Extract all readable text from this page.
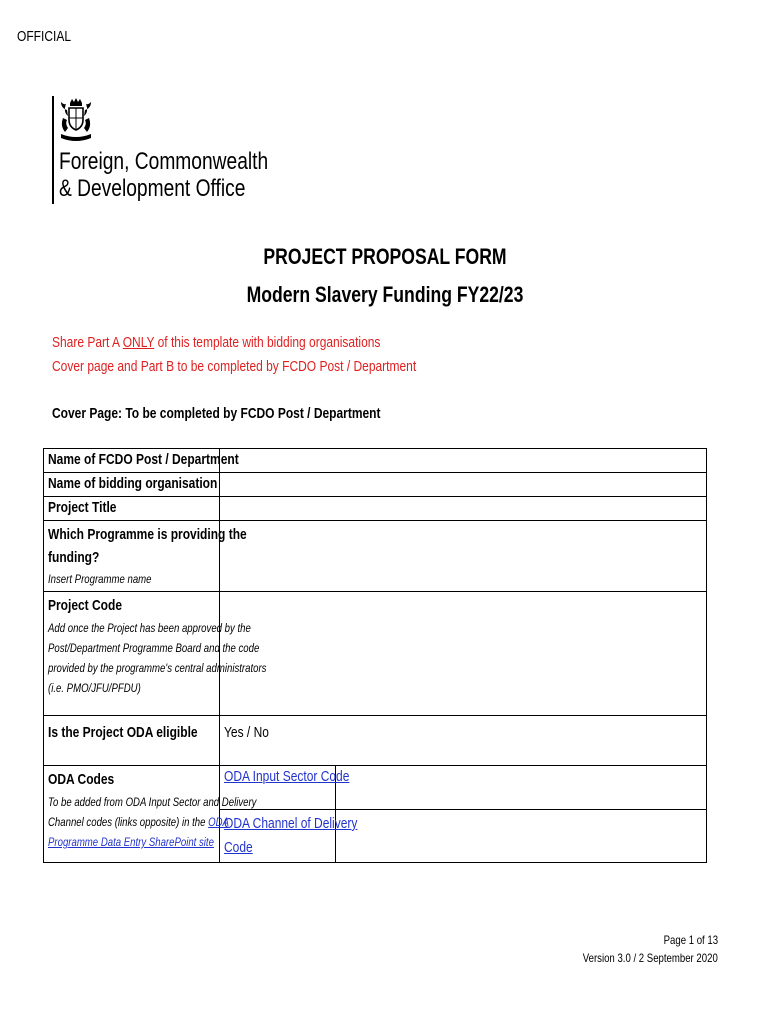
OFFICIAL
Foreign, Commonwealth
& Development Office
PROJECT PROPOSAL FORM
Modern Slavery Funding FY22/23
Share Part A ONLY of this template with bidding organisations
Cover page and Part B to be completed by FCDO Post / Department
Cover Page: To be completed by FCDO Post / Department
Name of FCDO Post / Department		
Name of bidding organisation		
Project Title		

Which Programme is providing the
funding?
Insert Programme name		

Project Code
Add once the Project has been approved by the
Post/Department Programme Board and the code
provided by the programme's central administrators
(i.e. PMO/JFU/PFDU)		

Is the Project ODA eligible	Yes / No	

ODA Codes
To be added from ODA Input Sector and Delivery
Channel codes (links opposite) in the ODA
Programme Data Entry SharePoint site	ODA Input Sector Code	

	ODA Channel of Delivery
Code	

Page 1 of 13
Version 3.0 / 2 September 2020
